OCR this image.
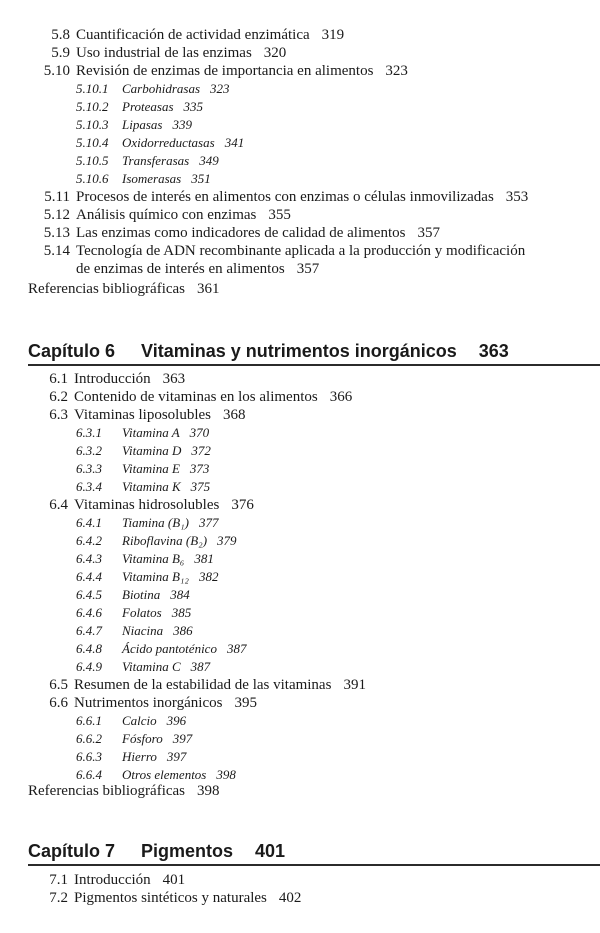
5.8 Cuantificación de actividad enzimática 319
5.9 Uso industrial de las enzimas 320
5.10 Revisión de enzimas de importancia en alimentos 323
5.10.1 Carbohidrasas 323
5.10.2 Proteasas 335
5.10.3 Lipasas 339
5.10.4 Oxidorreductasas 341
5.10.5 Transferasas 349
5.10.6 Isomerasas 351
5.11 Procesos de interés en alimentos con enzimas o células inmovilizadas 353
5.12 Análisis químico con enzimas 355
5.13 Las enzimas como indicadores de calidad de alimentos 357
5.14 Tecnología de ADN recombinante aplicada a la producción y modificación
de enzimas de interés en alimentos 357
Referencias bibliográficas 361
Capítulo 6 Vitaminas y nutrimentos inorgánicos 363
6.1 Introducción 363
6.2 Contenido de vitaminas en los alimentos 366
6.3 Vitaminas liposolubles 368
6.3.1 Vitamina A 370
6.3.2 Vitamina D 372
6.3.3 Vitamina E 373
6.3.4 Vitamina K 375
6.4 Vitaminas hidrosolubles 376
6.4.1 Tiamina (B₁) 377
6.4.2 Riboflavina (B₂) 379
6.4.3 Vitamina B₆ 381
6.4.4 Vitamina B₁₂ 382
6.4.5 Biotina 384
6.4.6 Folatos 385
6.4.7 Niacina 386
6.4.8 Ácido pantoténico 387
6.4.9 Vitamina C 387
6.5 Resumen de la estabilidad de las vitaminas 391
6.6 Nutrimentos inorgánicos 395
6.6.1 Calcio 396
6.6.2 Fósforo 397
6.6.3 Hierro 397
6.6.4 Otros elementos 398
Referencias bibliográficas 398
Capítulo 7 Pigmentos 401
7.1 Introducción 401
7.2 Pigmentos sintéticos y naturales 402
